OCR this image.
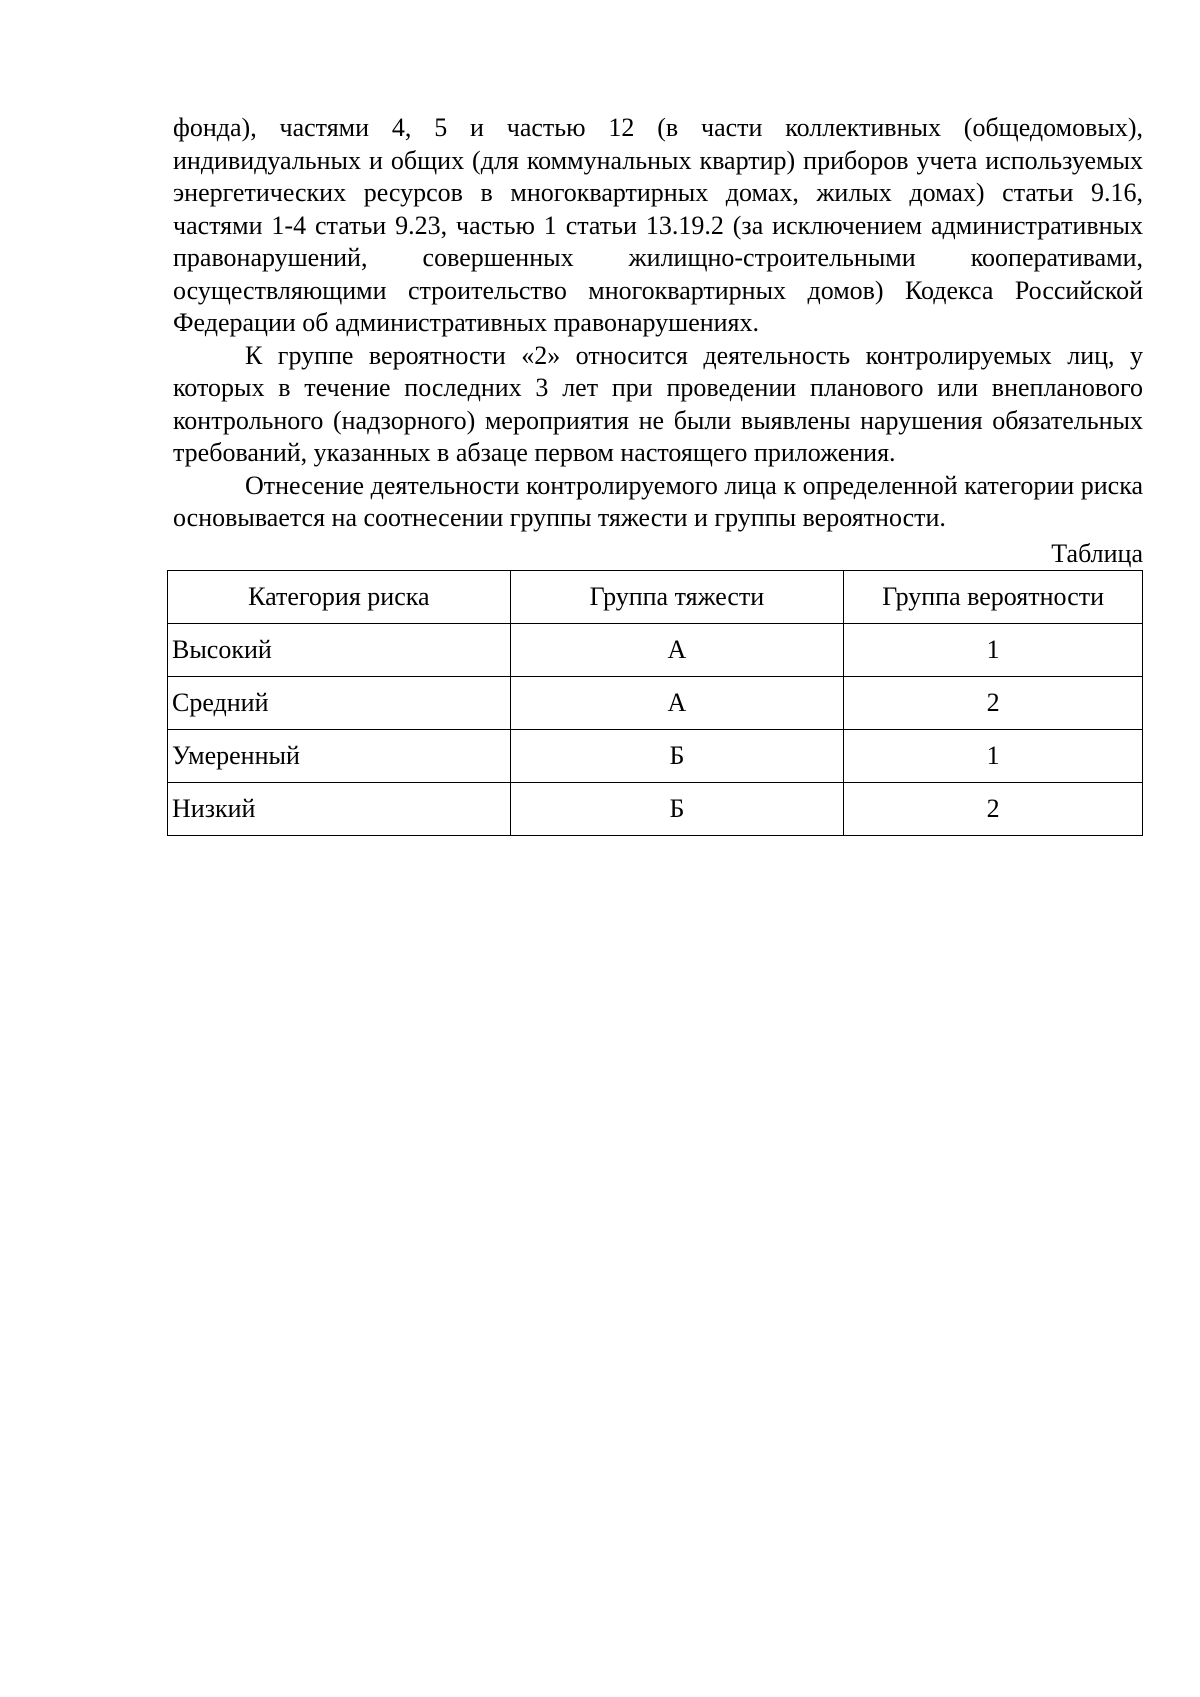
фонда), частями 4, 5 и частью 12 (в части коллективных (общедомовых), индивидуальных и общих (для коммунальных квартир) приборов учета используемых энергетических ресурсов в многоквартирных домах, жилых домах) статьи 9.16, частями 1-4 статьи 9.23, частью 1 статьи 13.19.2 (за исключением административных правонарушений, совершенных жилищно-строительными кооперативами, осуществляющими строительство многоквартирных домов) Кодекса Российской Федерации об административных правонарушениях.

К группе вероятности «2» относится деятельность контролируемых лиц, у которых в течение последних 3 лет при проведении планового или внепланового контрольного (надзорного) мероприятия не были выявлены нарушения обязательных требований, указанных в абзаце первом настоящего приложения.

Отнесение деятельности контролируемого лица к определенной категории риска основывается на соотнесении группы тяжести и группы вероятности.

Таблица

Категория риска	Группа тяжести	Группа вероятности
Высокий	А	1
Средний	А	2
Умеренный	Б	1
Низкий	Б	2
